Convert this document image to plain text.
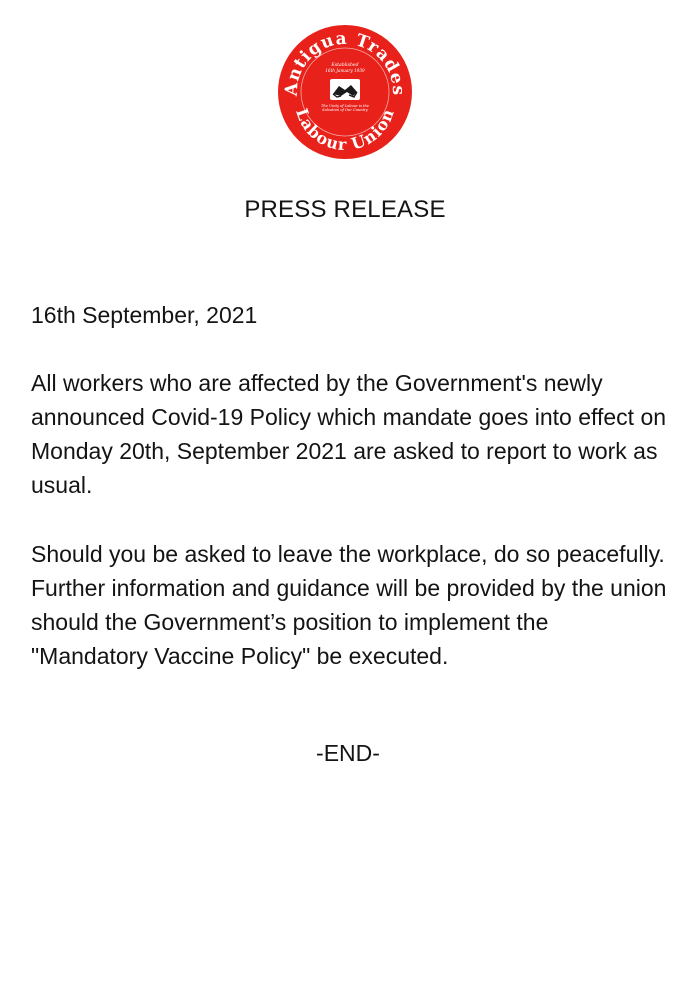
Antigua Trades
Labour Union
Established
16th January 1939
The Unity of Labour is the Salvation of Our Country
PRESS RELEASE
16th September, 2021

All workers who are affected by the Government's newly announced Covid-19 Policy which mandate goes into effect on Monday 20th, September 2021 are asked to report to work as usual.

Should you be asked to leave the workplace, do so peacefully. Further information and guidance will be provided by the union should the Government’s position to implement the "Mandatory Vaccine Policy" be executed.

-END-
